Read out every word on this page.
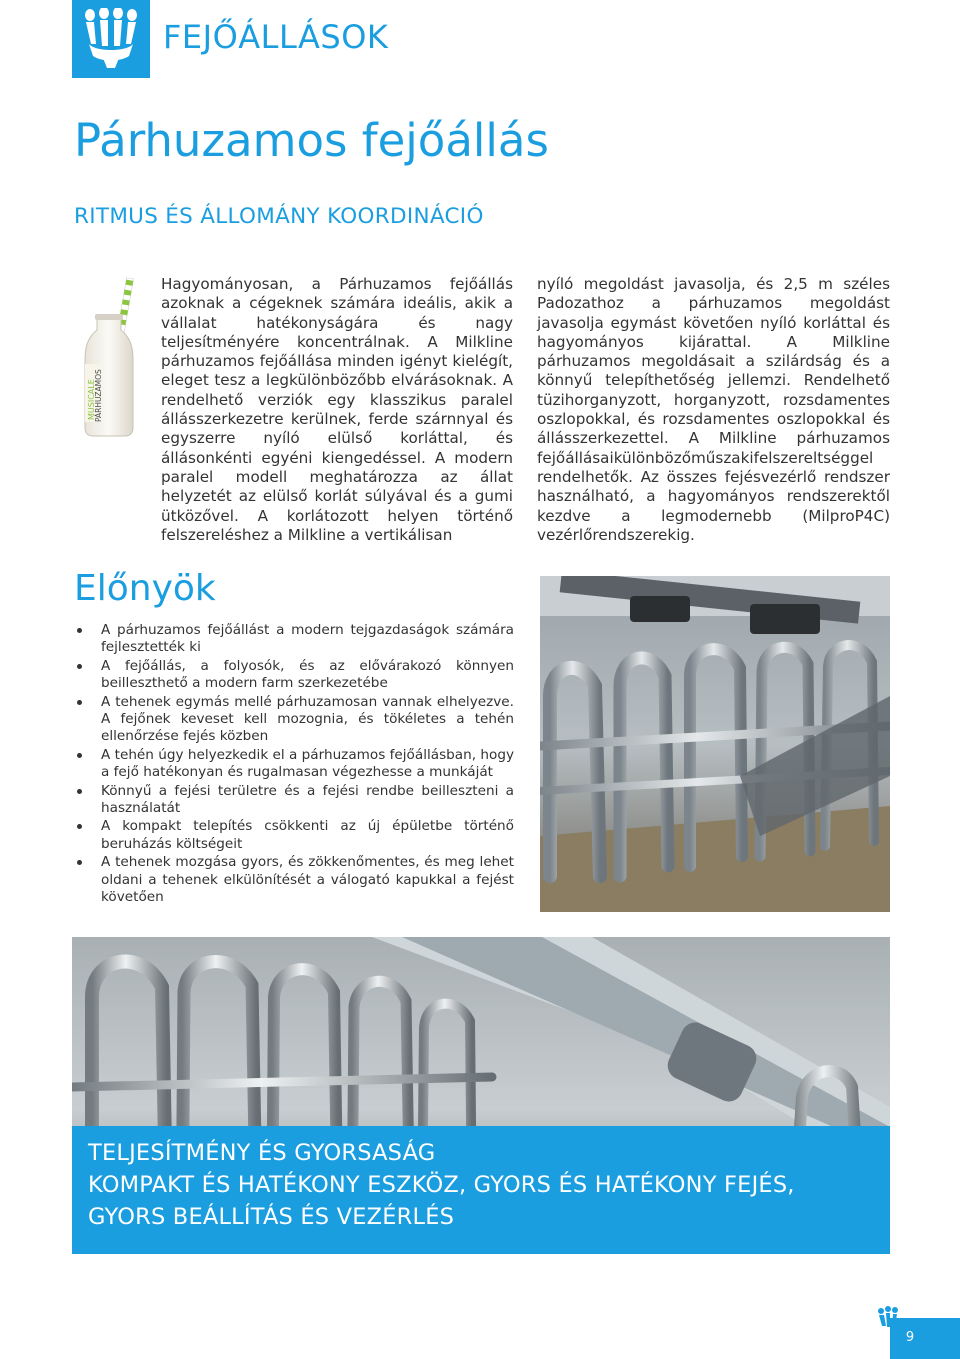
FEJŐÁLLÁSOK
Párhuzamos fejőállás
RITMUS ÉS ÁLLOMÁNY KOORDINÁCIÓ
MUSICALE
PÁRHUZAMOS
Hagyományosan, a Párhuzamos fejőállás azoknak a cégeknek számára ideális, akik a vállalat hatékonyságára és nagy teljesítményére koncentrálnak. A Milkline párhuzamos fejőállása minden igényt kielégít, eleget tesz a legkülönbözőbb elvárásoknak. A rendelhető verziók egy klasszikus paralel állásszerkezetre kerülnek, ferde szárnnyal és egyszerre nyíló elülső korláttal, és állásonkénti egyéni kiengedéssel. A modern paralel modell meghatározza az állat helyzetét az elülső korlát súlyával és a gumi ütközővel. A korlátozott helyen történő felszereléshez a Milkline a vertikálisan
nyíló megoldást javasolja, és 2,5 m széles Padozathoz a párhuzamos megoldást javasolja egymást követően nyíló korláttal és hagyományos kijárattal. A Milkline párhuzamos megoldásait a szilárdság és a könnyű telepíthetőség jellemzi. Rendelhető tüzihorganyzott, horganyzott, rozsdamentes oszlopokkal, és rozsdamentes oszlopokkal és állásszerkezettel. A Milkline párhuzamos fejőállásaikülönbözőműszakifelszereltséggel rendelhetők. Az összes fejésvezérlő rendszer használható, a hagyományos rendszerektől kezdve a legmodernebb (MilproP4C) vezérlőrendszerekig.
Előnyök
A párhuzamos fejőállást a modern tejgazdaságok számára fejlesztették ki
A fejőállás, a folyosók, és az elővárakozó könnyen beilleszthető a modern farm szerkezetébe
A tehenek egymás mellé párhuzamosan vannak elhelyezve. A fejőnek keveset kell mozognia, és tökéletes a tehén ellenőrzése fejés közben
A tehén úgy helyezkedik el a párhuzamos fejőállásban, hogy a fejő hatékonyan és rugalmasan végezhesse a munkáját
Könnyű a fejési területre és a fejési rendbe beilleszteni a használatát
A kompakt telepítés csökkenti az új épületbe történő beruházás költségeit
A tehenek mozgása gyors, és zökkenőmentes, és meg lehet oldani a tehenek elkülönítését a válogató kapukkal a fejést követően
TELJESÍTMÉNY ÉS GYORSASÁG
KOMPAKT ÉS HATÉKONY ESZKÖZ, GYORS ÉS HATÉKONY FEJÉS,
GYORS BEÁLLÍTÁS ÉS VEZÉRLÉS
9
